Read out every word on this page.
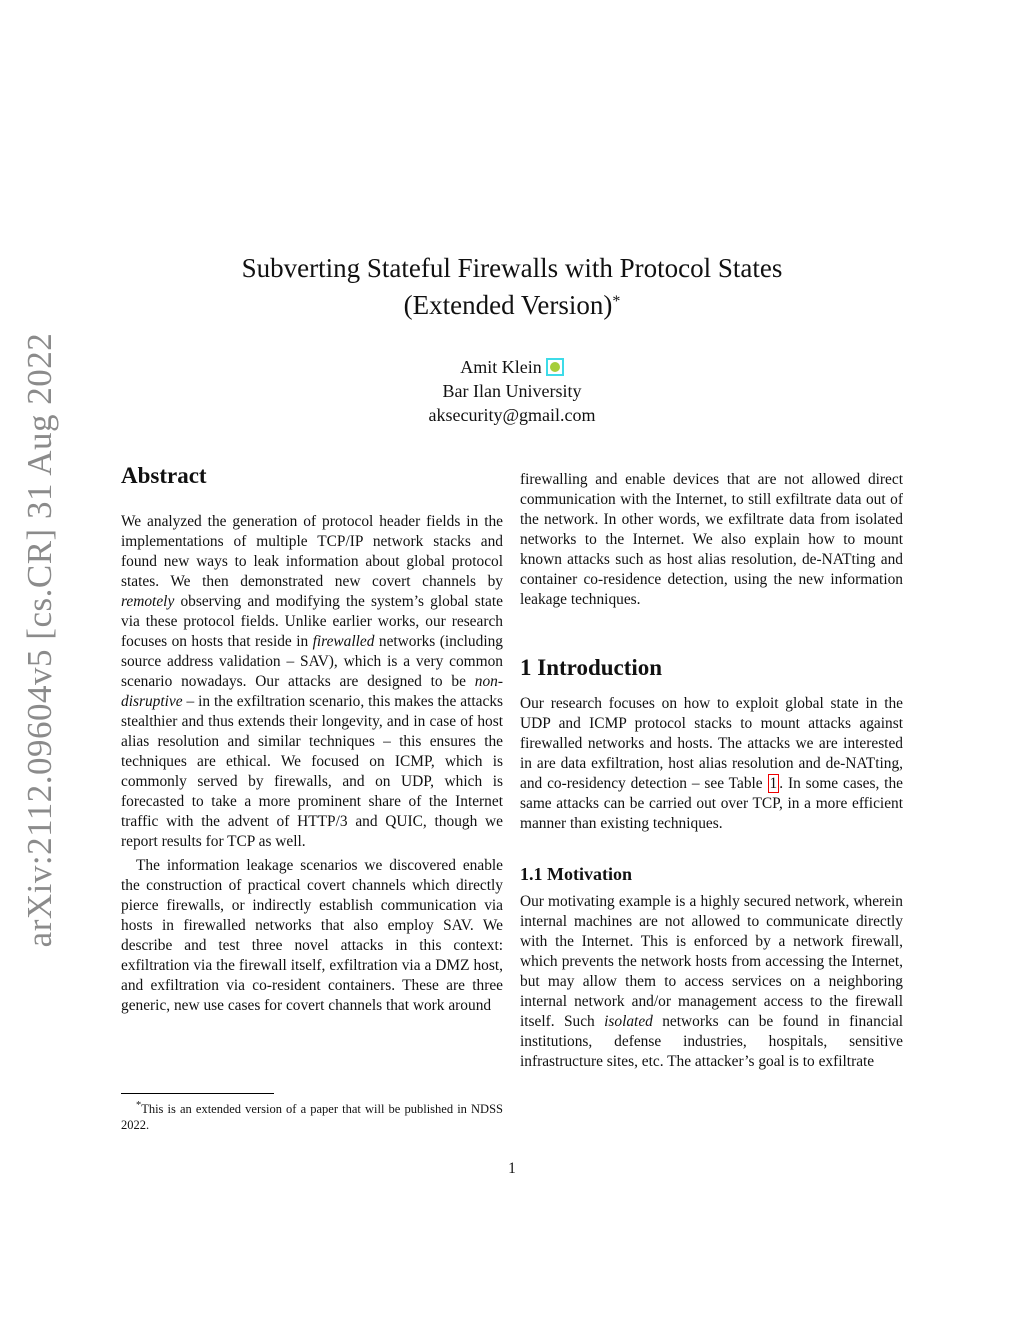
arXiv:2112.09604v5 [cs.CR] 31 Aug 2022
Subverting Stateful Firewalls with Protocol States
(Extended Version)*
Amit Klein
Bar Ilan University
aksecurity@gmail.com
Abstract

We analyzed the generation of protocol header fields in the implementations of multiple TCP/IP network stacks and found new ways to leak information about global protocol states. We then demonstrated new covert channels by remotely observing and modifying the system’s global state via these protocol fields. Unlike earlier works, our research focuses on hosts that reside in firewalled networks (including source address validation – SAV), which is a very common scenario nowadays. Our attacks are designed to be non-disruptive – in the exfiltration scenario, this makes the attacks stealthier and thus extends their longevity, and in case of host alias resolution and similar techniques – this ensures the techniques are ethical. We focused on ICMP, which is commonly served by firewalls, and on UDP, which is forecasted to take a more prominent share of the Internet traffic with the advent of HTTP/3 and QUIC, though we report results for TCP as well.

The information leakage scenarios we discovered enable the construction of practical covert channels which directly pierce firewalls, or indirectly establish communication via hosts in firewalled networks that also employ SAV. We describe and test three novel attacks in this context: exfiltration via the firewall itself, exfiltration via a DMZ host, and exfiltration via co-resident containers. These are three generic, new use cases for covert channels that work around

*This is an extended version of a paper that will be published in NDSS 2022.

firewalling and enable devices that are not allowed direct communication with the Internet, to still exfiltrate data out of the network. In other words, we exfiltrate data from isolated networks to the Internet. We also explain how to mount known attacks such as host alias resolution, de-NATting and container co-residence detection, using the new information leakage techniques.

1 Introduction

Our research focuses on how to exploit global state in the UDP and ICMP protocol stacks to mount attacks against firewalled networks and hosts. The attacks we are interested in are data exfiltration, host alias resolution and de-NATting, and co-residency detection – see Table 1 . In some cases, the same attacks can be carried out over TCP, in a more efficient manner than existing techniques.

1.1 Motivation

Our motivating example is a highly secured network, wherein internal machines are not allowed to communicate directly with the Internet. This is enforced by a network firewall, which prevents the network hosts from accessing the Internet, but may allow them to access services on a neighboring internal network and/or management access to the firewall itself. Such isolated networks can be found in financial institutions, defense industries, hospitals, sensitive infrastructure sites, etc. The attacker’s goal is to exfiltrate

1
